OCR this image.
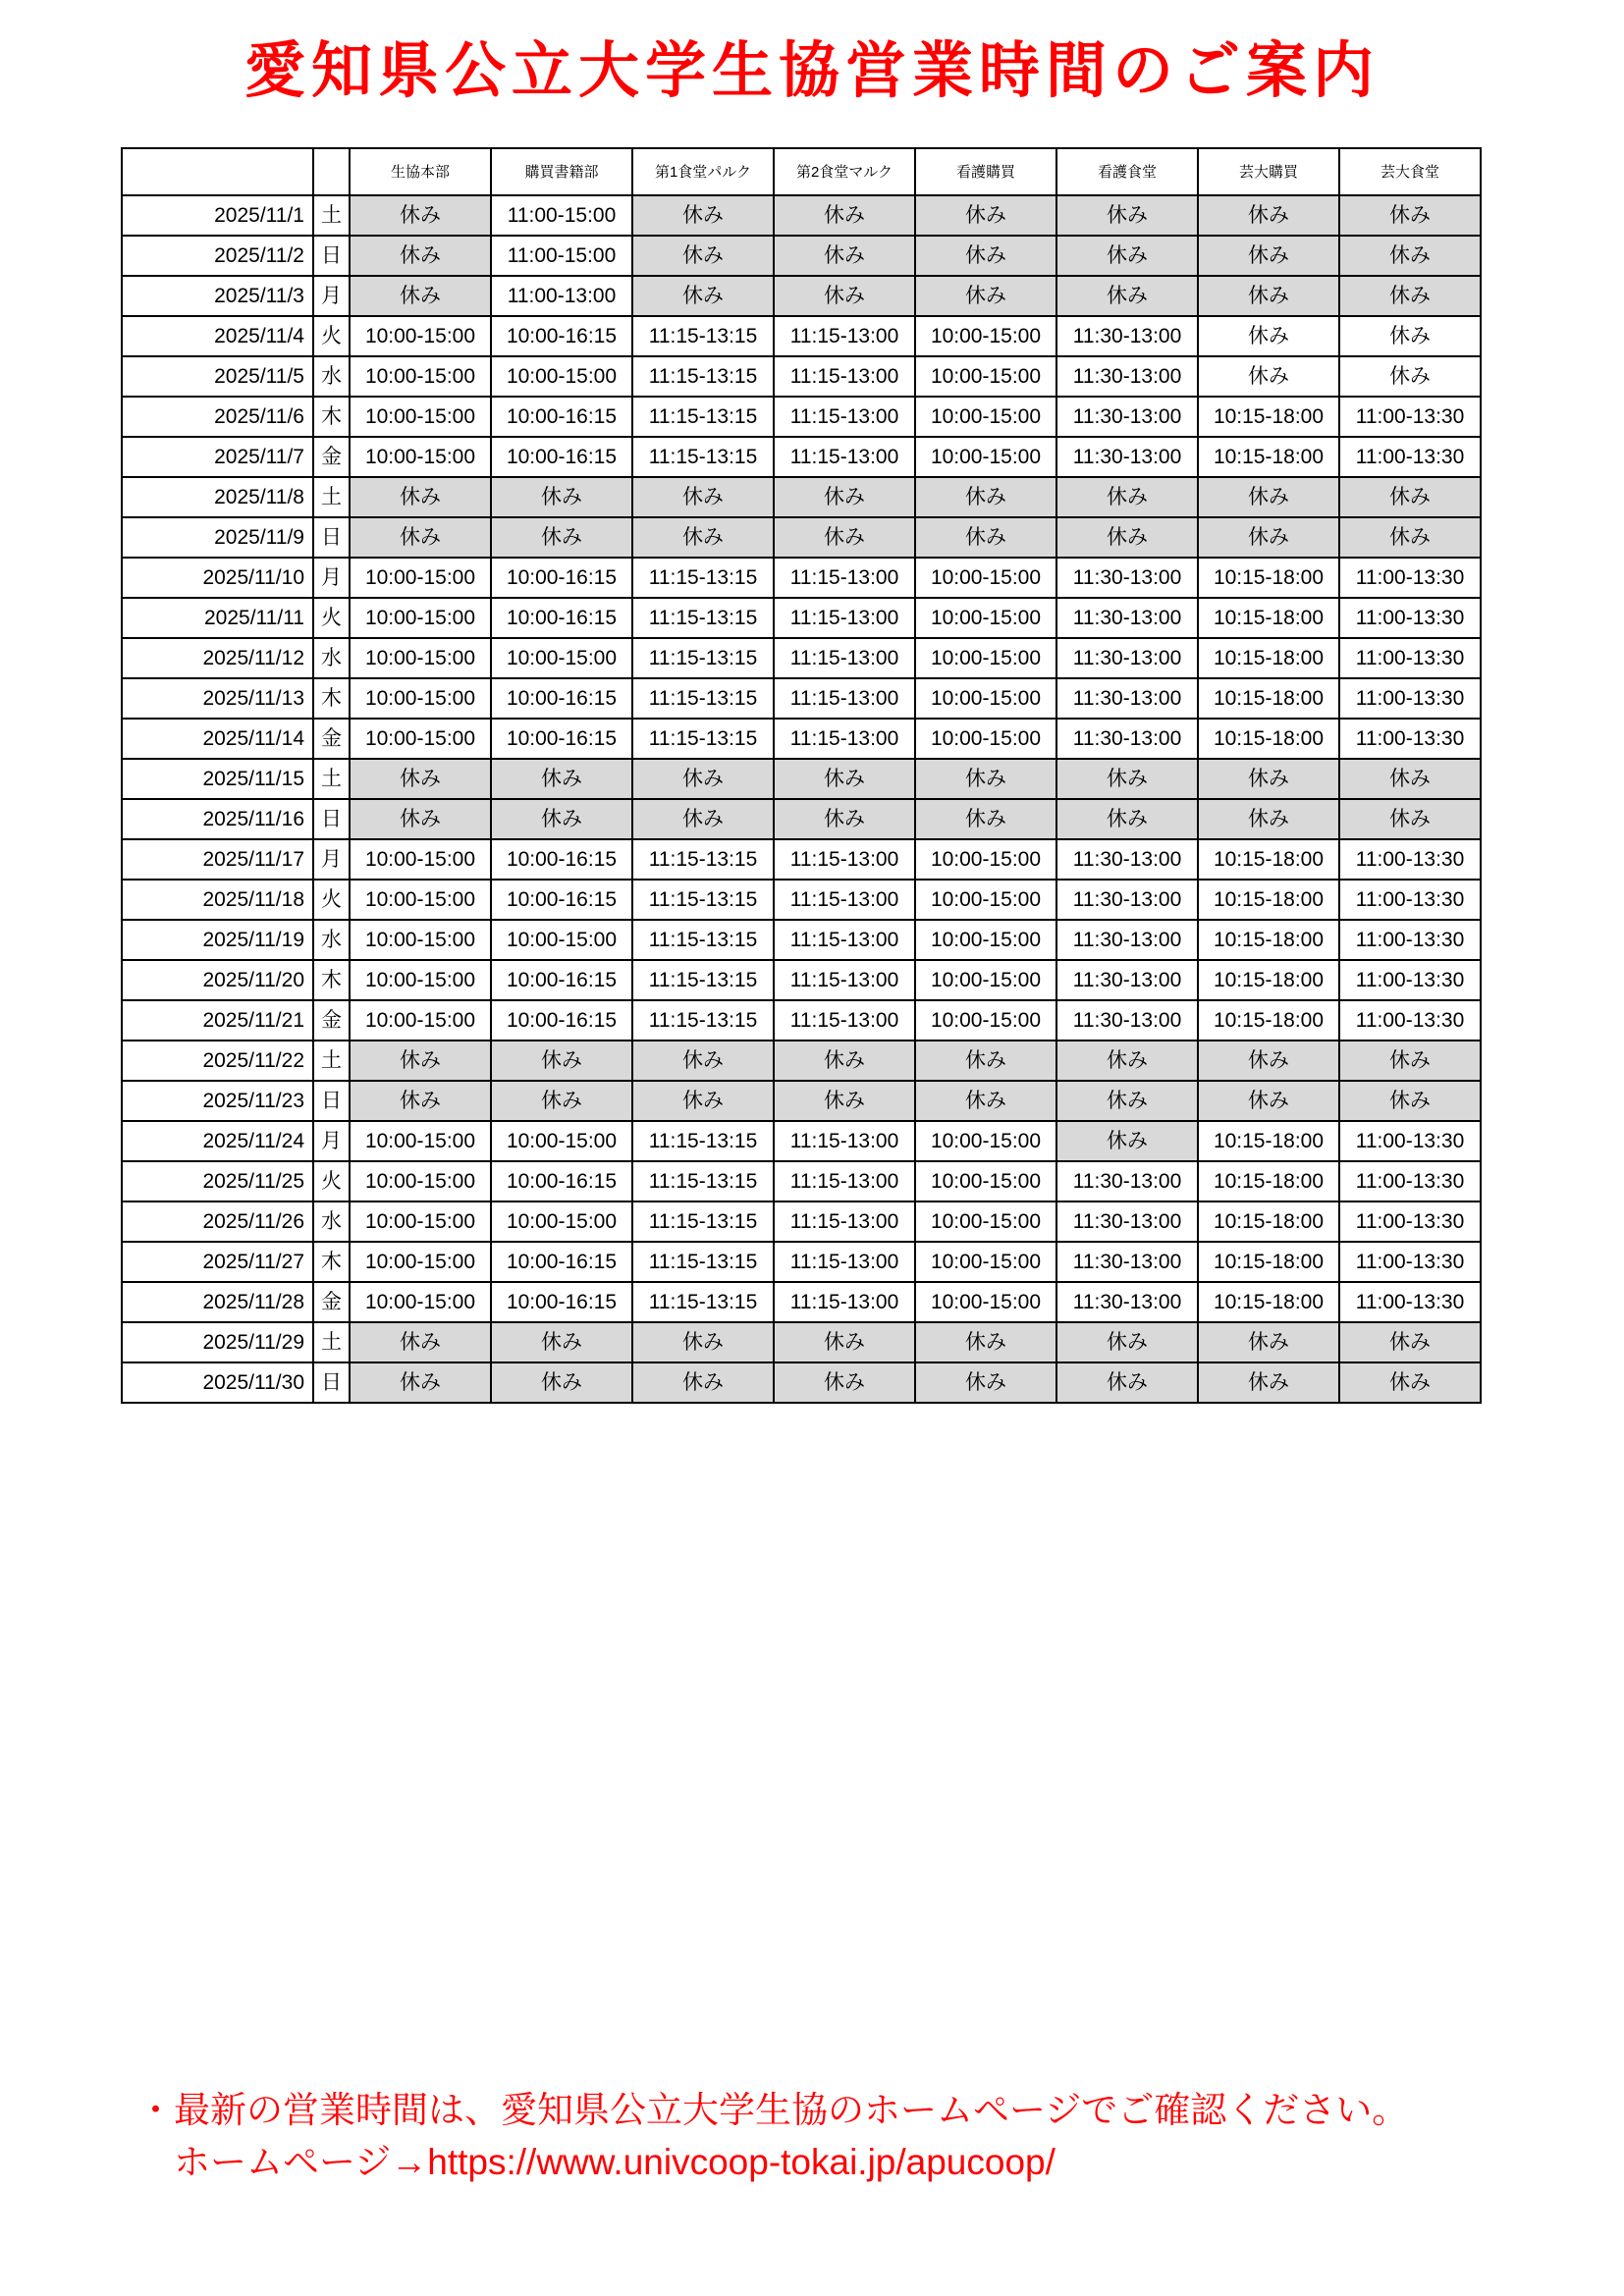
愛知県公立大学生協営業時間のご案内
		生協本部	購買書籍部	第1食堂パルク	第2食堂マルク	看護購買	看護食堂	芸大購買	芸大食堂
2025/11/1	土	休み	11:00-15:00	休み	休み	休み	休み	休み	休み
2025/11/2	日	休み	11:00-15:00	休み	休み	休み	休み	休み	休み
2025/11/3	月	休み	11:00-13:00	休み	休み	休み	休み	休み	休み
2025/11/4	火	10:00-15:00	10:00-16:15	11:15-13:15	11:15-13:00	10:00-15:00	11:30-13:00	休み	休み
2025/11/5	水	10:00-15:00	10:00-15:00	11:15-13:15	11:15-13:00	10:00-15:00	11:30-13:00	休み	休み
2025/11/6	木	10:00-15:00	10:00-16:15	11:15-13:15	11:15-13:00	10:00-15:00	11:30-13:00	10:15-18:00	11:00-13:30
2025/11/7	金	10:00-15:00	10:00-16:15	11:15-13:15	11:15-13:00	10:00-15:00	11:30-13:00	10:15-18:00	11:00-13:30
2025/11/8	土	休み	休み	休み	休み	休み	休み	休み	休み
2025/11/9	日	休み	休み	休み	休み	休み	休み	休み	休み
2025/11/10	月	10:00-15:00	10:00-16:15	11:15-13:15	11:15-13:00	10:00-15:00	11:30-13:00	10:15-18:00	11:00-13:30
2025/11/11	火	10:00-15:00	10:00-16:15	11:15-13:15	11:15-13:00	10:00-15:00	11:30-13:00	10:15-18:00	11:00-13:30
2025/11/12	水	10:00-15:00	10:00-15:00	11:15-13:15	11:15-13:00	10:00-15:00	11:30-13:00	10:15-18:00	11:00-13:30
2025/11/13	木	10:00-15:00	10:00-16:15	11:15-13:15	11:15-13:00	10:00-15:00	11:30-13:00	10:15-18:00	11:00-13:30
2025/11/14	金	10:00-15:00	10:00-16:15	11:15-13:15	11:15-13:00	10:00-15:00	11:30-13:00	10:15-18:00	11:00-13:30
2025/11/15	土	休み	休み	休み	休み	休み	休み	休み	休み
2025/11/16	日	休み	休み	休み	休み	休み	休み	休み	休み
2025/11/17	月	10:00-15:00	10:00-16:15	11:15-13:15	11:15-13:00	10:00-15:00	11:30-13:00	10:15-18:00	11:00-13:30
2025/11/18	火	10:00-15:00	10:00-16:15	11:15-13:15	11:15-13:00	10:00-15:00	11:30-13:00	10:15-18:00	11:00-13:30
2025/11/19	水	10:00-15:00	10:00-15:00	11:15-13:15	11:15-13:00	10:00-15:00	11:30-13:00	10:15-18:00	11:00-13:30
2025/11/20	木	10:00-15:00	10:00-16:15	11:15-13:15	11:15-13:00	10:00-15:00	11:30-13:00	10:15-18:00	11:00-13:30
2025/11/21	金	10:00-15:00	10:00-16:15	11:15-13:15	11:15-13:00	10:00-15:00	11:30-13:00	10:15-18:00	11:00-13:30
2025/11/22	土	休み	休み	休み	休み	休み	休み	休み	休み
2025/11/23	日	休み	休み	休み	休み	休み	休み	休み	休み
2025/11/24	月	10:00-15:00	10:00-15:00	11:15-13:15	11:15-13:00	10:00-15:00	休み	10:15-18:00	11:00-13:30
2025/11/25	火	10:00-15:00	10:00-16:15	11:15-13:15	11:15-13:00	10:00-15:00	11:30-13:00	10:15-18:00	11:00-13:30
2025/11/26	水	10:00-15:00	10:00-15:00	11:15-13:15	11:15-13:00	10:00-15:00	11:30-13:00	10:15-18:00	11:00-13:30
2025/11/27	木	10:00-15:00	10:00-16:15	11:15-13:15	11:15-13:00	10:00-15:00	11:30-13:00	10:15-18:00	11:00-13:30
2025/11/28	金	10:00-15:00	10:00-16:15	11:15-13:15	11:15-13:00	10:00-15:00	11:30-13:00	10:15-18:00	11:00-13:30
2025/11/29	土	休み	休み	休み	休み	休み	休み	休み	休み
2025/11/30	日	休み	休み	休み	休み	休み	休み	休み	休み
・最新の営業時間は、愛知県公立大学生協のホームページでご確認ください。
　ホームページ→https://www.univcoop-tokai.jp/apucoop/
